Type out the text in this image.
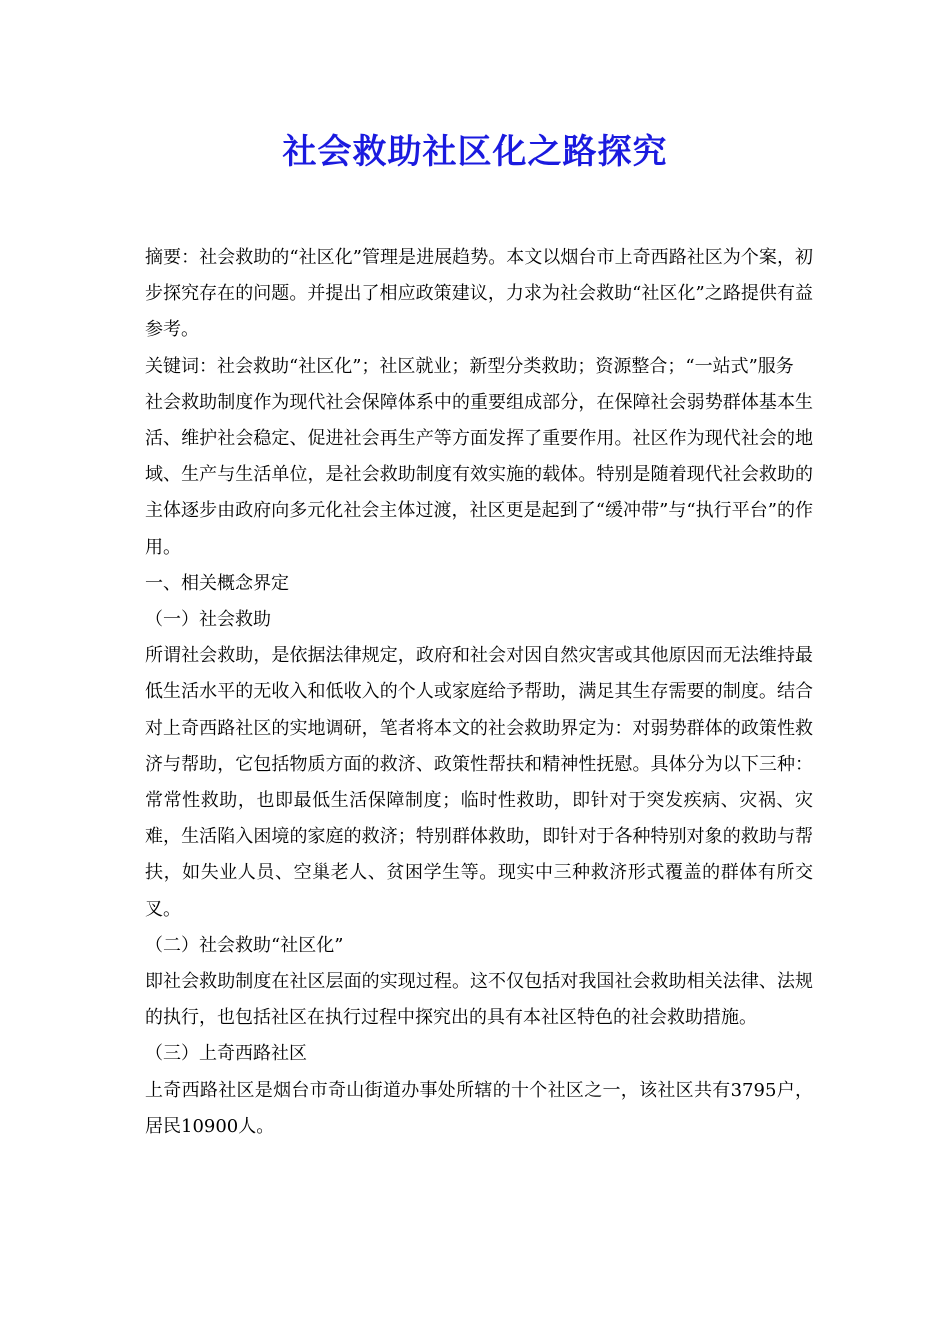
社会救助社区化之路探究

摘要：社会救助的“社区化”管理是进展趋势。本文以烟台市上奇西路社区为个案，初步探究存在的问题。并提出了相应政策建议，力求为社会救助“社区化”之路提供有益参考。

关键词：社会救助“社区化”；社区就业；新型分类救助；资源整合；“一站式”服务

社会救助制度作为现代社会保障体系中的重要组成部分，在保障社会弱势群体基本生活、维护社会稳定、促进社会再生产等方面发挥了重要作用。社区作为现代社会的地域、生产与生活单位，是社会救助制度有效实施的载体。特别是随着现代社会救助的主体逐步由政府向多元化社会主体过渡，社区更是起到了“缓冲带”与“执行平台”的作用。

一、相关概念界定

（一）社会救助

所谓社会救助，是依据法律规定，政府和社会对因自然灾害或其他原因而无法维持最低生活水平的无收入和低收入的个人或家庭给予帮助，满足其生存需要的制度。结合对上奇西路社区的实地调研，笔者将本文的社会救助界定为：对弱势群体的政策性救济与帮助，它包括物质方面的救济、政策性帮扶和精神性抚慰。具体分为以下三种：常常性救助，也即最低生活保障制度；临时性救助，即针对于突发疾病、灾祸、灾难，生活陷入困境的家庭的救济；特别群体救助，即针对于各种特别对象的救助与帮扶，如失业人员、空巢老人、贫困学生等。现实中三种救济形式覆盖的群体有所交叉。

（二）社会救助“社区化”

即社会救助制度在社区层面的实现过程。这不仅包括对我国社会救助相关法律、法规的执行，也包括社区在执行过程中探究出的具有本社区特色的社会救助措施。

（三）上奇西路社区

上奇西路社区是烟台市奇山街道办事处所辖的十个社区之一，该社区共有3795户，居民10900人。
